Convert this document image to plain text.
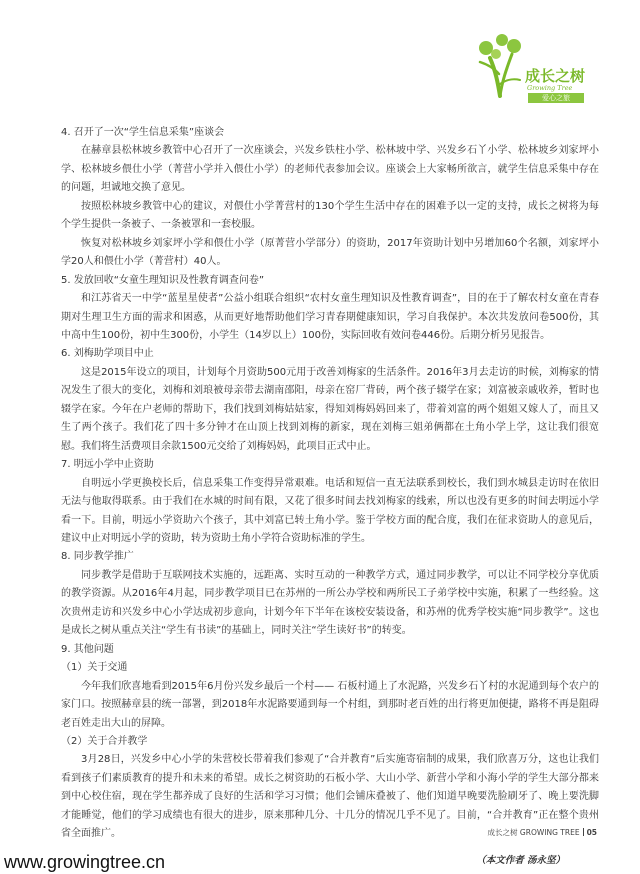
成长之树
Growing Tree
爱心之旅

4. 召开了一次“学生信息采集”座谈会

在赫章县松林坡乡教管中心召开了一次座谈会，兴发乡铁柱小学、松林坡中学、兴发乡石丫小学、松林坡乡刘家坪小学、松林坡乡偎仕小学（菁营小学并入偎仕小学）的老师代表参加会议。座谈会上大家畅所欲言，就学生信息采集中存在的问题，坦诚地交换了意见。

按照松林坡乡教管中心的建议，对偎仕小学菁营村的130个学生生活中存在的困难予以一定的支持，成长之树将为每个学生提供一条被子、一条被罩和一套校服。

恢复对松林坡乡刘家坪小学和偎仕小学（原菁营小学部分）的资助，2017年资助计划中另增加60个名额，刘家坪小学20人和偎仕小学（菁营村）40人。

5. 发放回收“女童生理知识及性教育调查问卷”

和江苏省天一中学“蓝星星使者”公益小组联合组织“农村女童生理知识及性教育调查”，目的在于了解农村女童在青春期对生理卫生方面的需求和困惑，从而更好地帮助他们学习青春期健康知识，学习自我保护。本次共发放问卷500份，其中高中生100份，初中生300份，小学生（14岁以上）100份，实际回收有效问卷446份。后期分析另见报告。

6. 刘梅助学项目中止

这是2015年设立的项目，计划每个月资助500元用于改善刘梅家的生活条件。2016年3月去走访的时候，刘梅家的情况发生了很大的变化，刘梅和刘琅被母亲带去湖南邵阳，母亲在窑厂背砖，两个孩子辍学在家；刘富被亲戚收养，暂时也辍学在家。今年在户老师的帮助下，我们找到刘梅姑姑家，得知刘梅妈妈回来了，带着刘富的两个姐姐又嫁人了，而且又生了两个孩子。我们花了四十多分钟才在山顶上找到刘梅的新家，现在刘梅三姐弟俩都在土角小学上学，这让我们很宽慰。我们将生活费项目余款1500元交给了刘梅妈妈，此项目正式中止。

7. 明远小学中止资助

自明远小学更换校长后，信息采集工作变得异常艰难。电话和短信一直无法联系到校长，我们到水城县走访时在依旧无法与他取得联系。由于我们在水城的时间有限，又花了很多时间去找刘梅家的线索，所以也没有更多的时间去明远小学看一下。目前，明远小学资助六个孩子，其中刘富已转土角小学。鉴于学校方面的配合度，我们在征求资助人的意见后，建议中止对明远小学的资助，转为资助土角小学符合资助标准的学生。

8. 同步教学推广

同步教学是借助于互联网技术实施的，远距离、实时互动的一种教学方式，通过同步教学，可以让不同学校分享优质的教学资源。从2016年4月起，同步教学项目已在苏州的一所公办学校和两所民工子弟学校中实施，积累了一些经验。这次贵州走访和兴发乡中心小学达成初步意向，计划今年下半年在该校安装设备，和苏州的优秀学校实施“同步教学”。这也是成长之树从重点关注“学生有书读”的基础上，同时关注“学生读好书”的转变。

9. 其他问题

（1）关于交通

今年我们欣喜地看到2015年6月份兴发乡最后一个村—— 石板村通上了水泥路，兴发乡石丫村的水泥通到每个农户的家门口。按照赫章县的统一部署，到2018年水泥路要通到每一个村组，到那时老百姓的出行将更加便捷，路将不再是阻碍老百姓走出大山的屏障。

（2）关于合并教学

3月28日，兴发乡中心小学的朱营校长带着我们参观了“合并教育”后实施寄宿制的成果，我们欣喜万分，这也让我们看到孩子们素质教育的提升和未来的希望。成长之树资助的石板小学、大山小学、新营小学和小海小学的学生大部分都来到中心校住宿，现在学生都养成了良好的生活和学习习惯；他们会铺床叠被了、他们知道早晚要洗脸刷牙了、晚上要洗脚才能睡觉，他们的学习成绩也有很大的进步，原来那种几分、十几分的情况几乎不见了。目前，“合并教育”正在整个贵州省全面推广。

（本文作者 汤永坚）

成长之树 GROWING TREE 05
www.growingtree.cn
